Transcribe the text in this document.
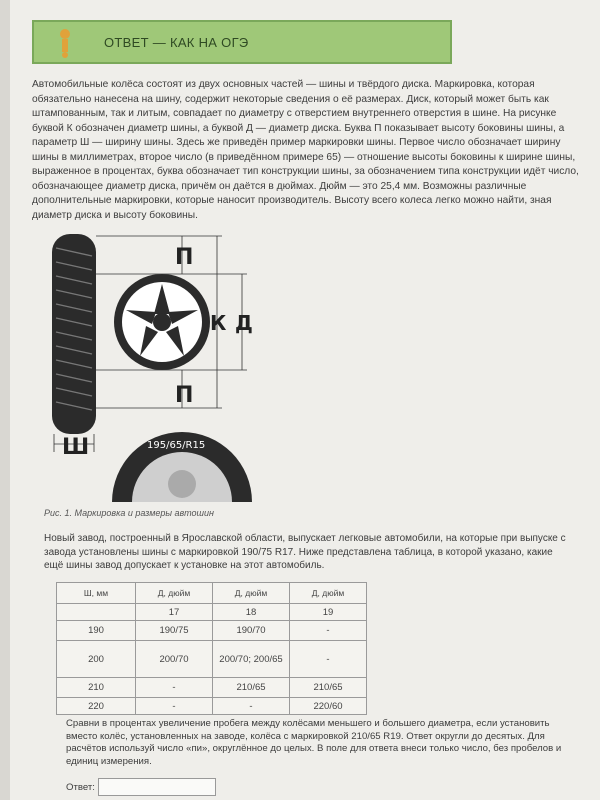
ОТВЕТ — КАК НА ОГЭ
Автомобильные колёса состоят из двух основных частей — шины и твёрдого диска. Маркировка, которая обязательно нанесена на шину, содержит некоторые сведения о её размерах. Диск, который может быть как штампованным, так и литым, совпадает по диаметру с отверстием внутреннего отверстия в шине. На рисунке буквой К обозначен диаметр шины, а буквой Д — диаметр диска. Буква П показывает высоту боковины шины, а параметр Ш — ширину шины. Здесь же приведён пример маркировки шины. Первое число обозначает ширину шины в миллиметрах, второе число (в приведённом примере 65) — отношение высоты боковины к ширине шины, выраженное в процентах, буква обозначает тип конструкции шины, за обозначением типа конструкции идёт число, обозначающее диаметр диска, причём он даётся в дюймах. Дюйм — это 25,4 мм. Возможны различные дополнительные маркировки, которые наносит производитель. Высоту всего колеса легко можно найти, зная диаметр диска и высоту боковины.
П
К Д
П
Ш	195/65/R15
Рис. 1. Маркировка и размеры автошин
Новый завод, построенный в Ярославской области, выпускает легковые автомобили, на которые при выпуске с завода установлены шины с маркировкой 190/75 R17. Ниже представлена таблица, в которой указано, какие ещё шины завод допускает к установке на этот автомобиль.
Ш, мм	Д, дюйм	Д, дюйм	Д, дюйм
	17	18	19
190	190/75	190/70	-
200	200/70	200/70; 200/65	-
210	-	210/65	210/65
220	-	-	220/60
Сравни в процентах увеличение пробега между колёсами меньшего и большего диаметра, если установить вместо колёс, установленных на заводе, колёса с маркировкой 210/65 R19. Ответ округли до десятых. Для расчётов используй число «пи», округлённое до целых. В поле для ответа внеси только число, без пробелов и единиц измерения.
Ответ:
